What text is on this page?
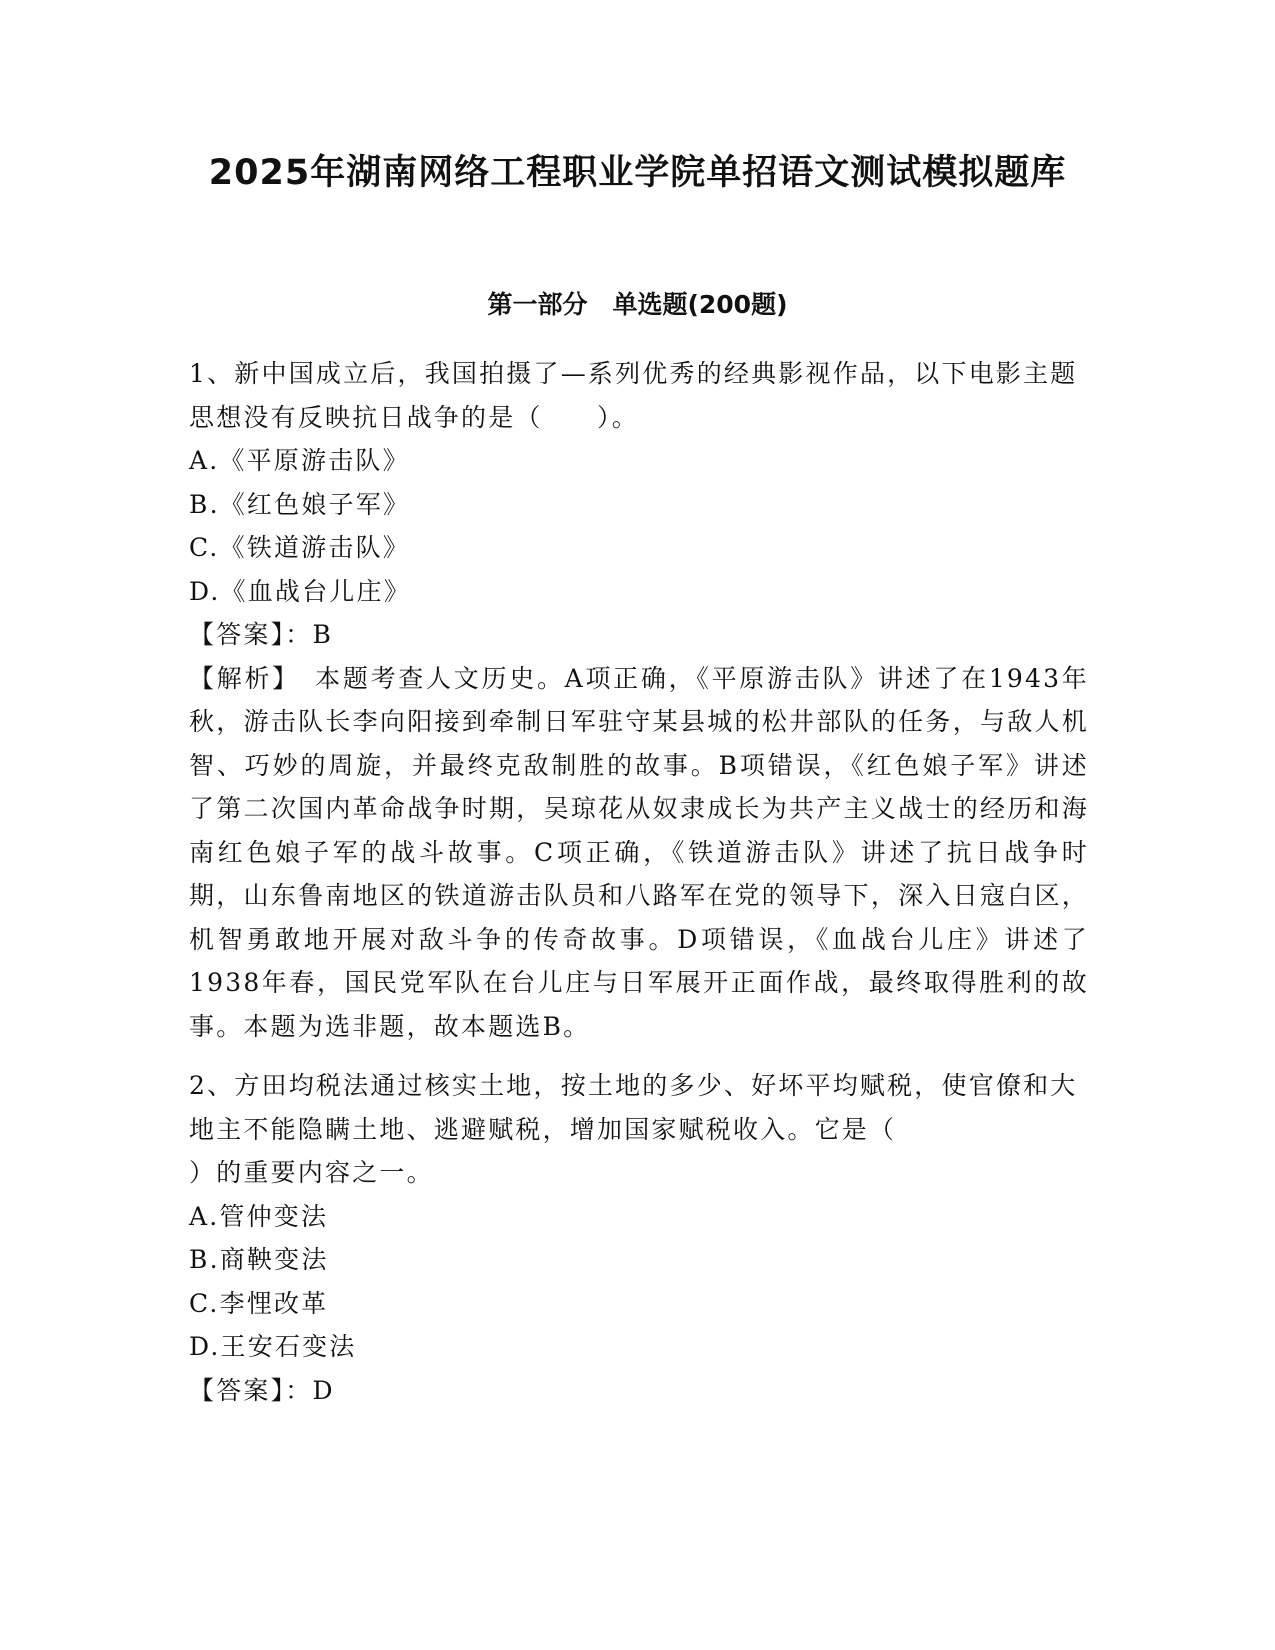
2025年湖南网络工程职业学院单招语文测试模拟题库
第一部分　单选题(200题)

1、新中国成立后，我国拍摄了—系列优秀的经典影视作品，以下电影主题思想没有反映抗日战争的是（　　）。

A.《平原游击队》

B.《红色娘子军》

C.《铁道游击队》

D.《血战台儿庄》

【答案】：B

【解析】　本题考查人文历史。A项正确，《平原游击队》讲述了在1943年秋，游击队长李向阳接到牵制日军驻守某县城的松井部队的任务，与敌人机智、巧妙的周旋，并最终克敌制胜的故事。B项错误，《红色娘子军》讲述了第二次国内革命战争时期，吴琼花从奴隶成长为共产主义战士的经历和海南红色娘子军的战斗故事。C项正确，《铁道游击队》讲述了抗日战争时期，山东鲁南地区的铁道游击队员和八路军在党的领导下，深入日寇白区，机智勇敢地开展对敌斗争的传奇故事。D项错误，《血战台儿庄》讲述了1938年春，国民党军队在台儿庄与日军展开正面作战，最终取得胜利的故事。本题为选非题，故本题选B。

2、方田均税法通过核实土地，按土地的多少、好坏平均赋税，使官僚和大地主不能隐瞒土地、逃避赋税，增加国家赋税收入。它是（
）的重要内容之一。

A.管仲变法

B.商鞅变法

C.李悝改革

D.王安石变法

【答案】：D
